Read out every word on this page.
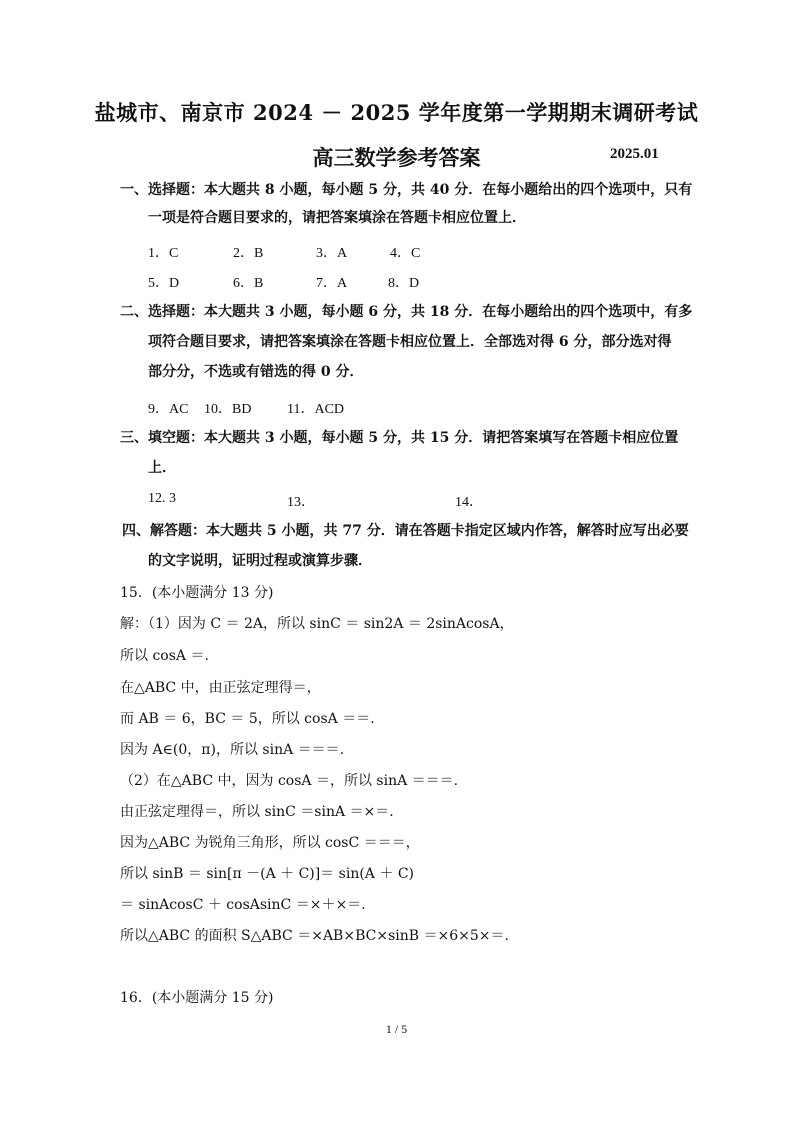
盐城市、南京市 2024 － 2025 学年度第一学期期末调研考试
高三数学参考答案	2025.01
一、选择题：本大题共 8 小题，每小题 5 分，共 40 分．在每小题给出的四个选项中，只有
一项是符合题目要求的，请把答案填涂在答题卡相应位置上．
1．C	2．B	3．A	4．C
5．D	6．B	7．A	8．D
二、选择题：本大题共 3 小题，每小题 6 分，共 18 分．在每小题给出的四个选项中，有多
项符合题目要求，请把答案填涂在答题卡相应位置上．全部选对得 6 分，部分选对得
部分分，不选或有错选的得 0 分．
9．AC 10．BD	11．ACD
三、填空题：本大题共 3 小题，每小题 5 分，共 15 分．请把答案填写在答题卡相应位置
上．
12. 3	13．	14．
四、解答题：本大题共 5 小题，共 77 分．请在答题卡指定区域内作答，解答时应写出必要
的文字说明，证明过程或演算步骤．
15．(本小题满分 13 分)
解：（1）因为 C ＝ 2A，所以 sinC ＝ sin2A ＝ 2sinAcosA，
所以 cosA ＝.
在△ABC 中，由正弦定理得＝，
而 AB ＝ 6，BC ＝ 5，所以 cosA ＝＝.
因为 A∈(0，π)，所以 sinA ＝＝＝.
（2）在△ABC 中，因为 cosA ＝，所以 sinA ＝＝＝.
由正弦定理得＝，所以 sinC ＝sinA ＝×＝.
因为△ABC 为锐角三角形，所以 cosC ＝＝＝，
所以 sinB ＝ sin[π －(A ＋ C)]＝ sin(A ＋ C)
＝ sinAcosC ＋ cosAsinC ＝×＋×＝.
所以△ABC 的面积 S△ABC ＝×AB×BC×sinB ＝×6×5×＝.
16．(本小题满分 15 分)
1 / 5
